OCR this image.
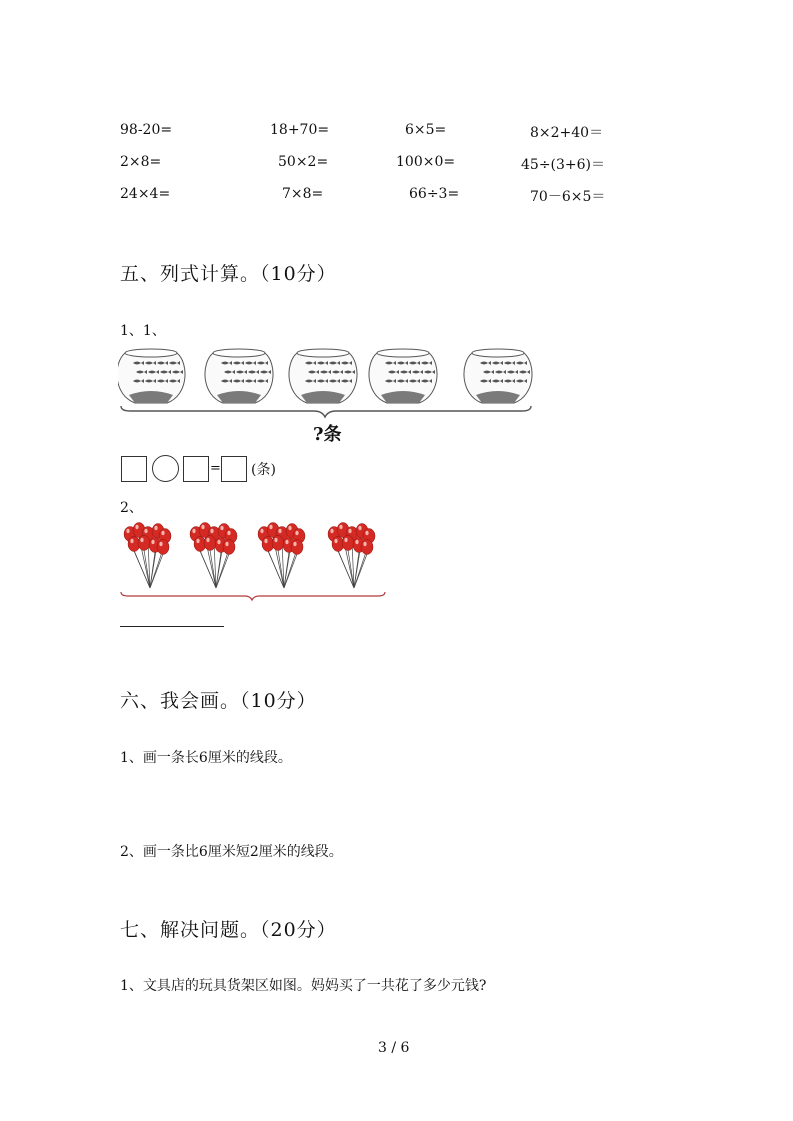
98-20=	18+70=	6×5=	8×2+40＝
2×8=	50×2=	100×0=	45÷(3+6)＝
24×4=	7×8=	66÷3=	70－6×5＝
五、列式计算。（10分）
1、1、
?条
= (条)
2、
六、我会画。（10分）
1、画一条长6厘米的线段。
2、画一条比6厘米短2厘米的线段。
七、解决问题。（20分）
1、文具店的玩具货架区如图。妈妈买了一共花了多少元钱?
3 / 6
